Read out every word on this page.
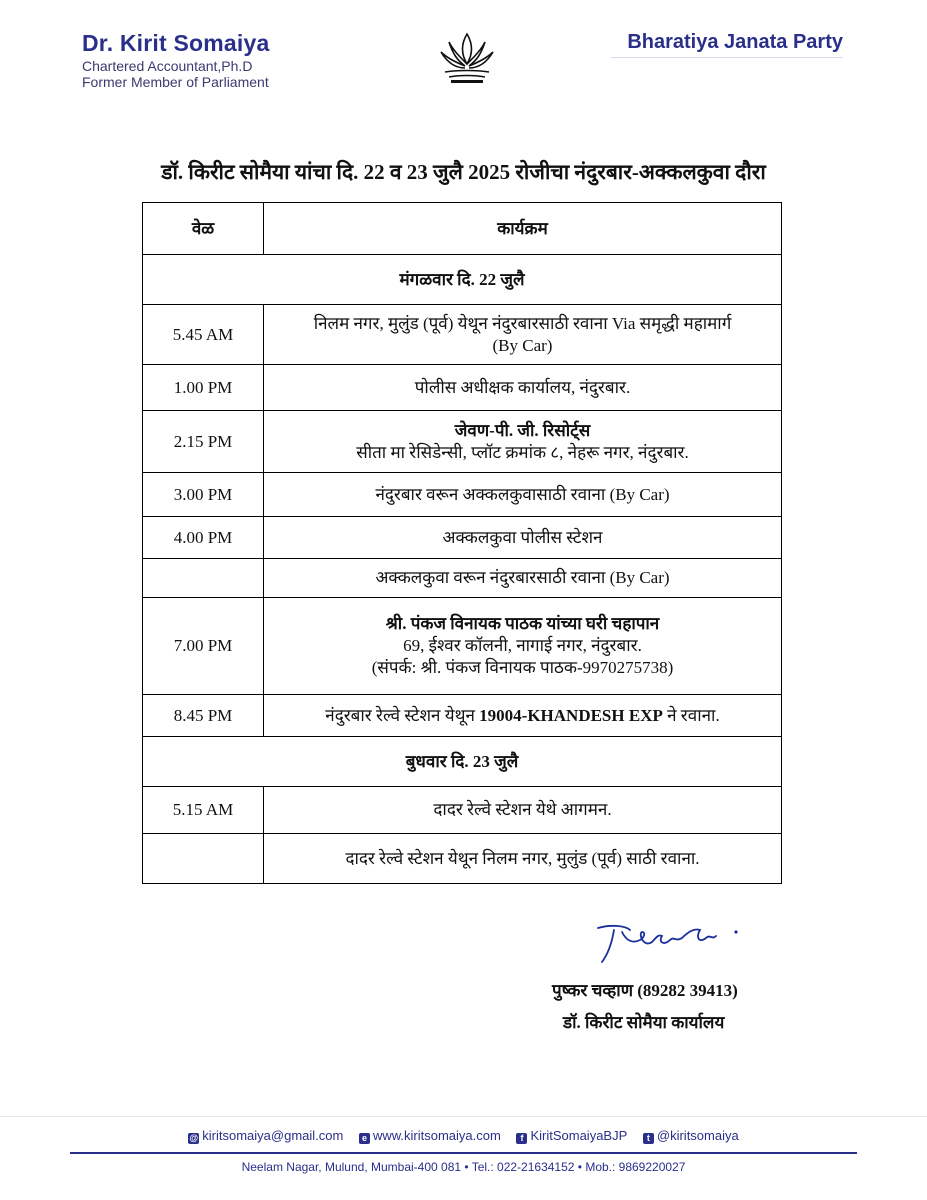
Dr. Kirit Somaiya
Chartered Accountant,Ph.D
Former Member of Parliament
Bharatiya Janata Party
डॉ. किरीट सोमैया यांचा दि. 22 व 23 जुलै 2025 रोजीचा नंदुरबार-अक्कलकुवा दौरा
वेळ	कार्यक्रम
मंगळवार दि. 22 जुलै	
5.45 AM	निलम नगर, मुलुंड (पूर्व) येथून नंदुरबारसाठी रवाना Via समृद्धी महामार्ग
(By Car)

1.00 PM	पोलीस अधीक्षक कार्यालय, नंदुरबार.
2.15 PM	जेवण-पी. जी. रिसोर्ट्स
सीता मा रेसिडेन्सी, प्लॉट क्रमांक ८, नेहरू नगर, नंदुरबार.

3.00 PM	नंदुरबार वरून अक्कलकुवासाठी रवाना (By Car)
4.00 PM	अक्कलकुवा पोलीस स्टेशन
	अक्कलकुवा वरून नंदुरबारसाठी रवाना (By Car)
7.00 PM	श्री. पंकज विनायक पाठक यांच्या घरी चहापान
69, ईश्वर कॉलनी, नागाई नगर, नंदुरबार.
(संपर्क: श्री. पंकज विनायक पाठक-9970275738)

8.45 PM	नंदुरबार रेल्वे स्टेशन येथून 19004-KHANDESH EXP ने रवाना.
बुधवार दि. 23 जुलै	
5.15 AM	दादर रेल्वे स्टेशन येथे आगमन.
	दादर रेल्वे स्टेशन येथून निलम नगर, मुलुंड (पूर्व) साठी रवाना.
पुष्कर चव्हाण (89282 39413)
डॉ. किरीट सोमैया कार्यालय
@ kiritsomaiya@gmail.com e www.kiritsomaiya.com f KiritSomaiyaBJP t @kiritsomaiya
Neelam Nagar, Mulund, Mumbai-400 081 • Tel.: 022-21634152 • Mob.: 9869220027
